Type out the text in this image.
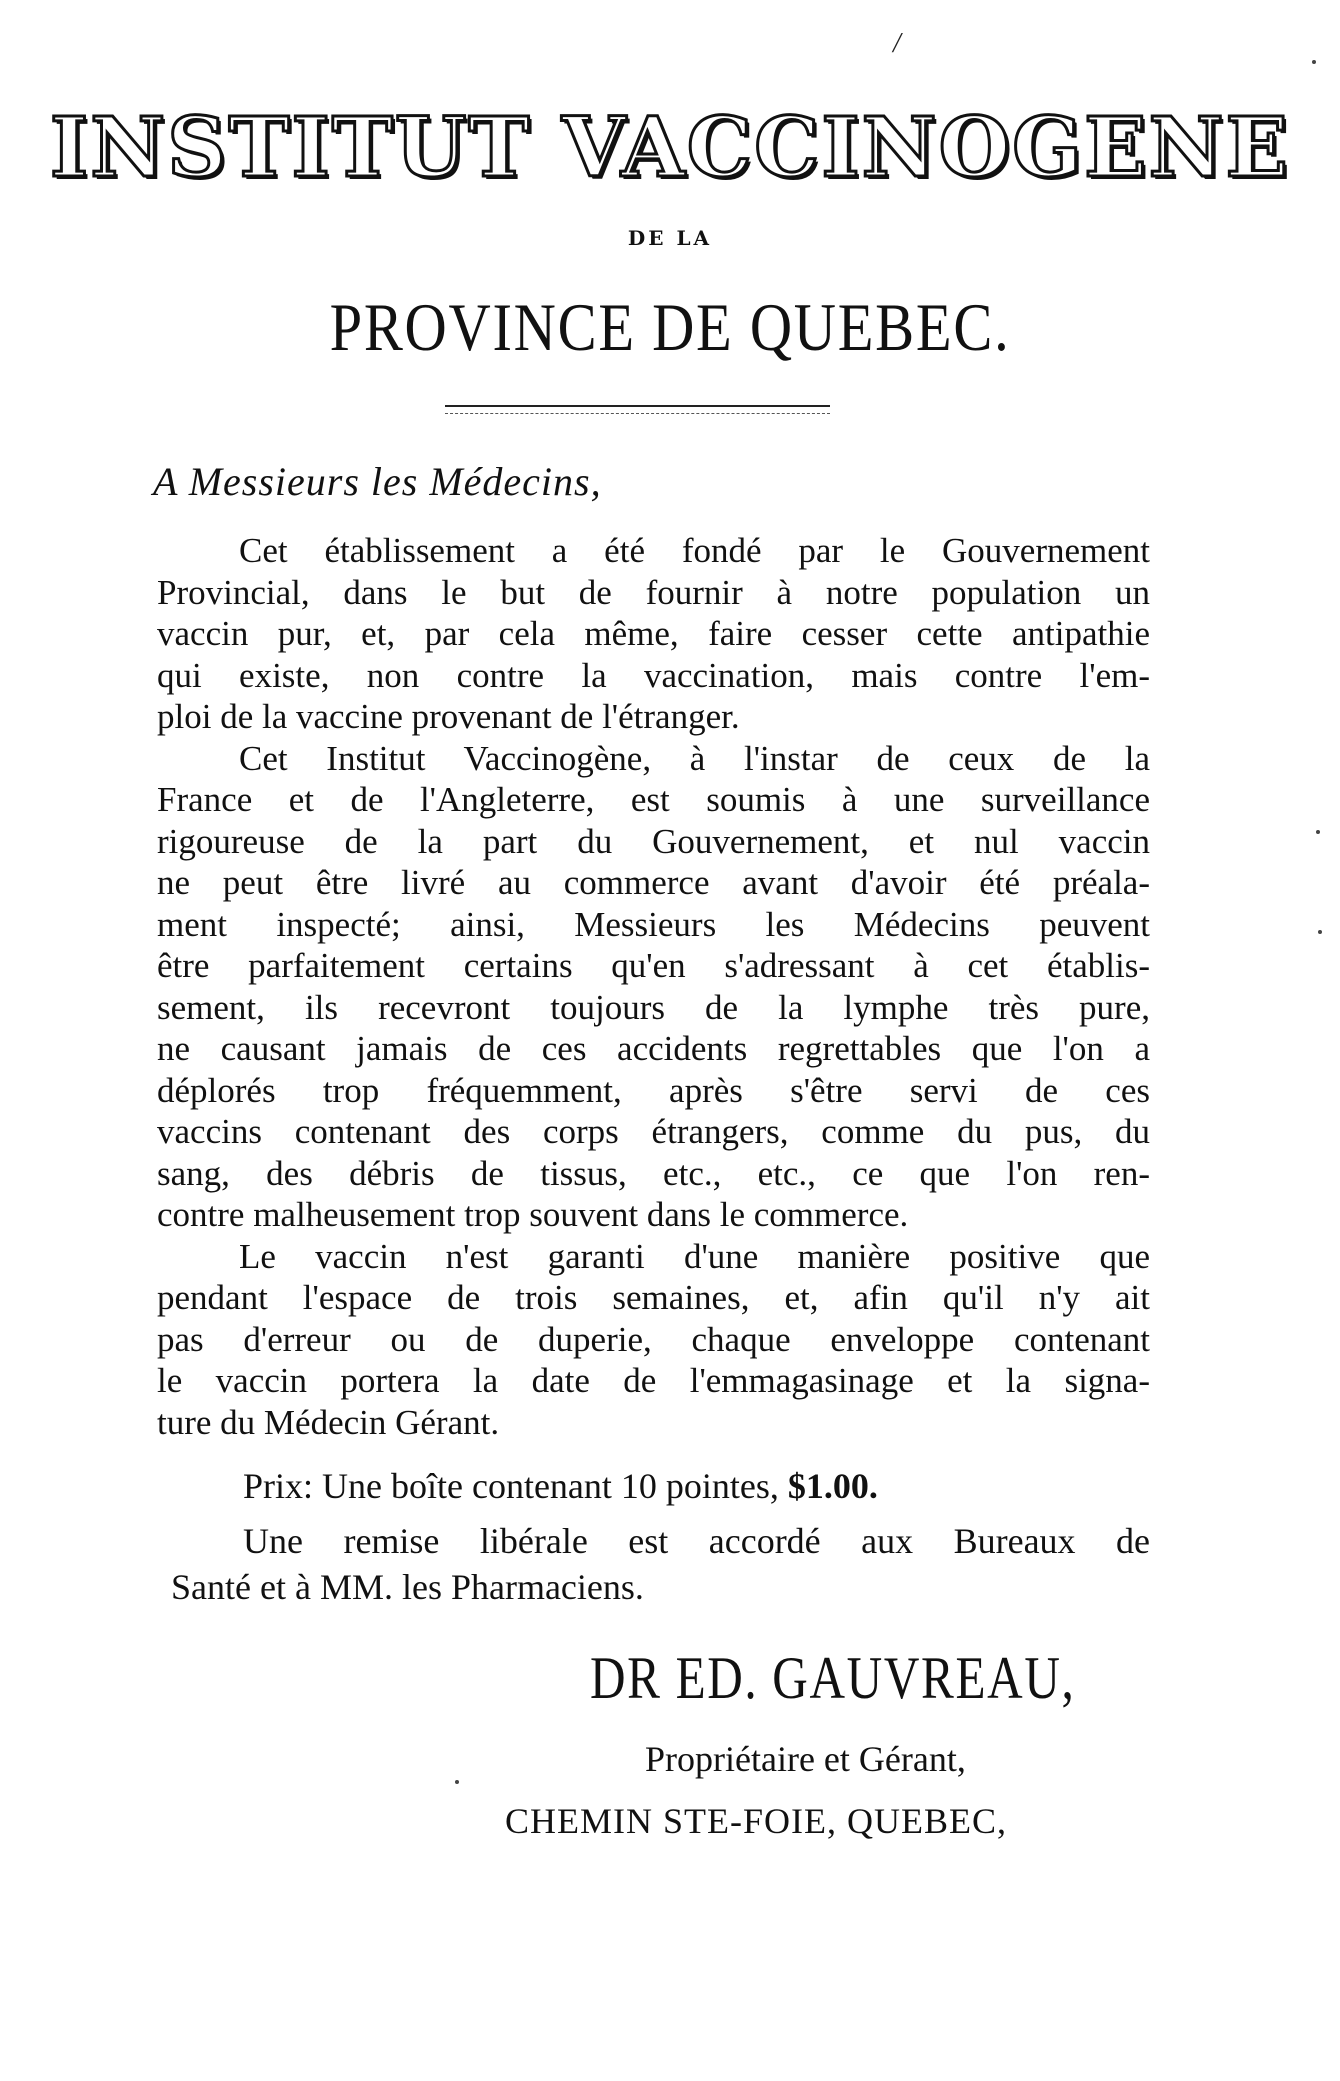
/
INSTITUT VACCINOGENE
DE LA
PROVINCE DE QUEBEC.
A Messieurs les Médecins,

Cet établissement a été fondé par le Gouvernement
Provincial, dans le but de fournir à notre population un
vaccin pur, et, par cela même, faire cesser cette antipathie
qui existe, non contre la vaccination, mais contre l'em-
ploi de la vaccine provenant de l'étranger.

Cet Institut Vaccinogène, à l'instar de ceux de la
France et de l'Angleterre, est soumis à une surveillance
rigoureuse de la part du Gouvernement, et nul vaccin
ne peut être livré au commerce avant d'avoir été préala-
ment inspecté; ainsi, Messieurs les Médecins peuvent
être parfaitement certains qu'en s'adressant à cet établis-
sement, ils recevront toujours de la lymphe très pure,
ne causant jamais de ces accidents regrettables que l'on a
déplorés trop fréquemment, après s'être servi de ces
vaccins contenant des corps étrangers, comme du pus, du
sang, des débris de tissus, etc., etc., ce que l'on ren-
contre malheusement trop souvent dans le commerce.

Le vaccin n'est garanti d'une manière positive que
pendant l'espace de trois semaines, et, afin qu'il n'y ait
pas d'erreur ou de duperie, chaque enveloppe contenant
le vaccin portera la date de l'emmagasinage et la signa-
ture du Médecin Gérant.

Prix: Une boîte contenant 10 pointes, $1.00.
Une remise libérale est accordé aux Bureaux de
Santé et à MM. les Pharmaciens.
DR ED. GAUVREAU,
Propriétaire et Gérant,
CHEMIN STE-FOIE, QUEBEC,
